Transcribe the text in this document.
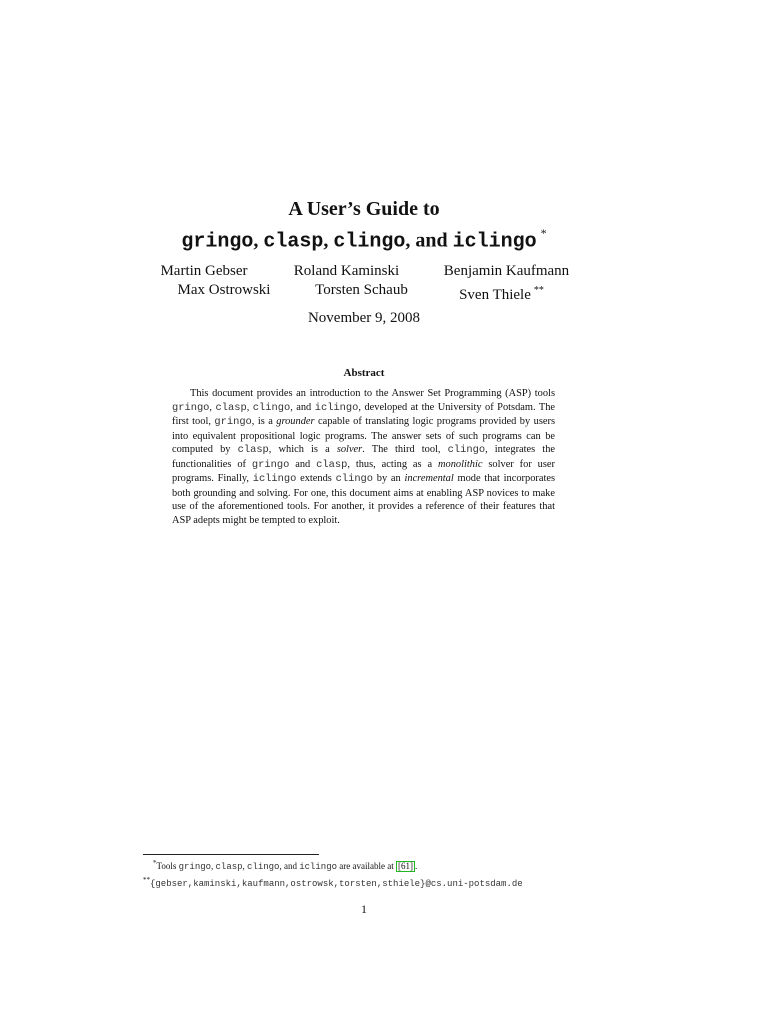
A User’s Guide to
gringo, clasp, clingo, and iclingo *
Martin Gebser	Roland Kaminski	Benjamin Kaufmann
Max Ostrowski	Torsten Schaub	Sven Thiele **
November 9, 2008
Abstract
This document provides an introduction to the Answer Set Programming (ASP) tools gringo, clasp, clingo, and iclingo, developed at the University of Potsdam. The first tool, gringo, is a grounder capable of translating logic programs provided by users into equivalent propositional logic programs. The answer sets of such programs can be computed by clasp, which is a solver. The third tool, clingo, integrates the functionalities of gringo and clasp, thus, acting as a monolithic solver for user programs. Finally, iclingo extends clingo by an incremental mode that incorporates both grounding and solving. For one, this document aims at enabling ASP novices to make use of the aforementioned tools. For another, it provides a reference of their features that ASP adepts might be tempted to exploit.
*Tools gringo, clasp, clingo, and iclingo are available at [61] .
**{gebser,kaminski,kaufmann,ostrowsk,torsten,sthiele}@cs.uni-potsdam.de
1
